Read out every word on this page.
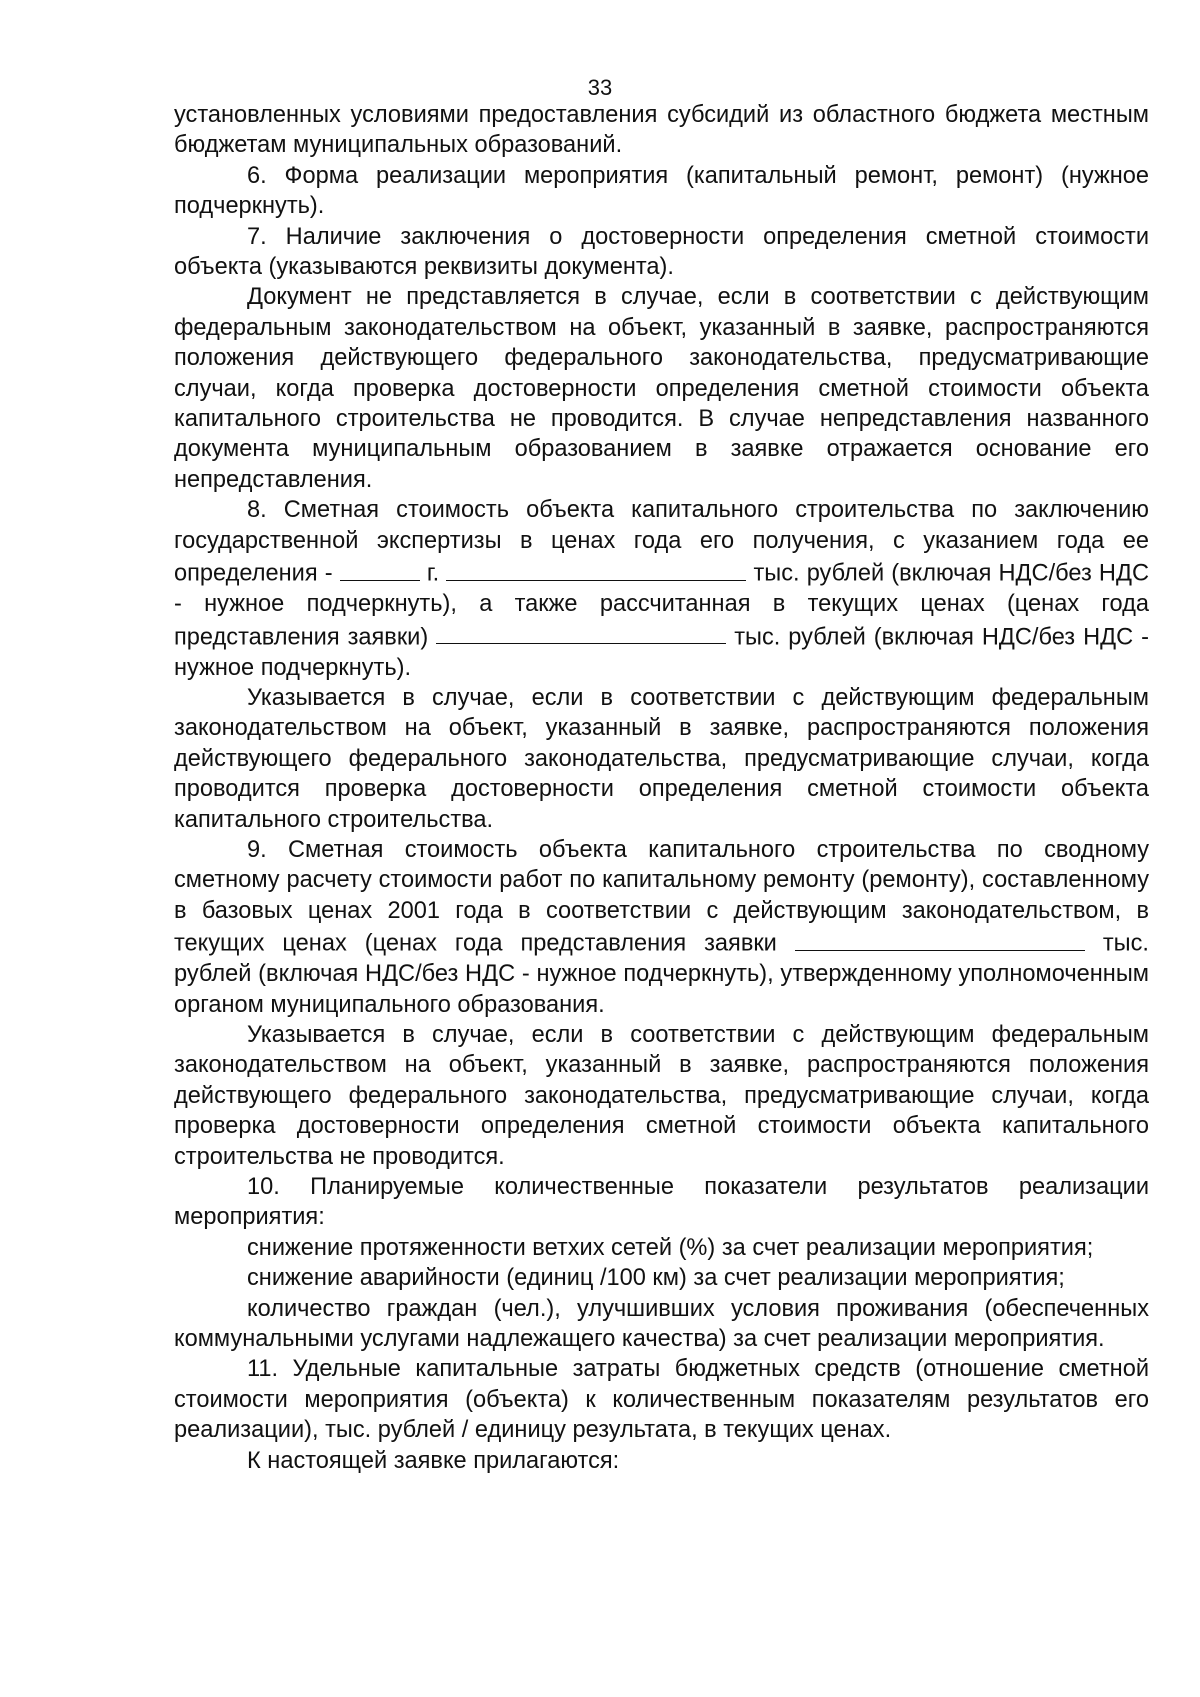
33

установленных условиями предоставления субсидий из областного бюджета местным бюджетам муниципальных образований.

6. Форма реализации мероприятия (капитальный ремонт, ремонт) (нужное подчеркнуть).

7. Наличие заключения о достоверности определения сметной стоимости объекта (указываются реквизиты документа).

Документ не представляется в случае, если в соответствии с действующим федеральным законодательством на объект, указанный в заявке, распространяются положения действующего федерального законодательства, предусматривающие случаи, когда проверка достоверности определения сметной стоимости объекта капитального строительства не проводится. В случае непредставления названного документа муниципальным образованием в заявке отражается основание его непредставления.

8. Сметная стоимость объекта капитального строительства по заключению государственной экспертизы в ценах года его получения, с указанием года ее определения -	г.	тыс. рублей (включая НДС/без НДС - нужное подчеркнуть), а также рассчитанная в текущих ценах (ценах года представления заявки)	тыс. рублей (включая НДС/без НДС - нужное подчеркнуть).

Указывается в случае, если в соответствии с действующим федеральным законодательством на объект, указанный в заявке, распространяются положения действующего федерального законодательства, предусматривающие случаи, когда проводится проверка достоверности определения сметной стоимости объекта капитального строительства.

9. Сметная стоимость объекта капитального строительства по сводному сметному расчету стоимости работ по капитальному ремонту (ремонту), составленному в базовых ценах 2001 года в соответствии с действующим законодательством, в текущих ценах (ценах года представления заявки	тыс. рублей (включая НДС/без НДС - нужное подчеркнуть), утвержденному уполномоченным органом муниципального образования.

Указывается в случае, если в соответствии с действующим федеральным законодательством на объект, указанный в заявке, распространяются положения действующего федерального законодательства, предусматривающие случаи, когда проверка достоверности определения сметной стоимости объекта капитального строительства не проводится.

10. Планируемые количественные показатели результатов реализации мероприятия:

снижение протяженности ветхих сетей (%) за счет реализации мероприятия;

снижение аварийности (единиц /100 км) за счет реализации мероприятия;

количество граждан (чел.), улучшивших условия проживания (обеспеченных коммунальными услугами надлежащего качества) за счет реализации мероприятия.

11. Удельные капитальные затраты бюджетных средств (отношение сметной стоимости мероприятия (объекта) к количественным показателям результатов его реализации), тыс. рублей / единицу результата, в текущих ценах.

К настоящей заявке прилагаются:
